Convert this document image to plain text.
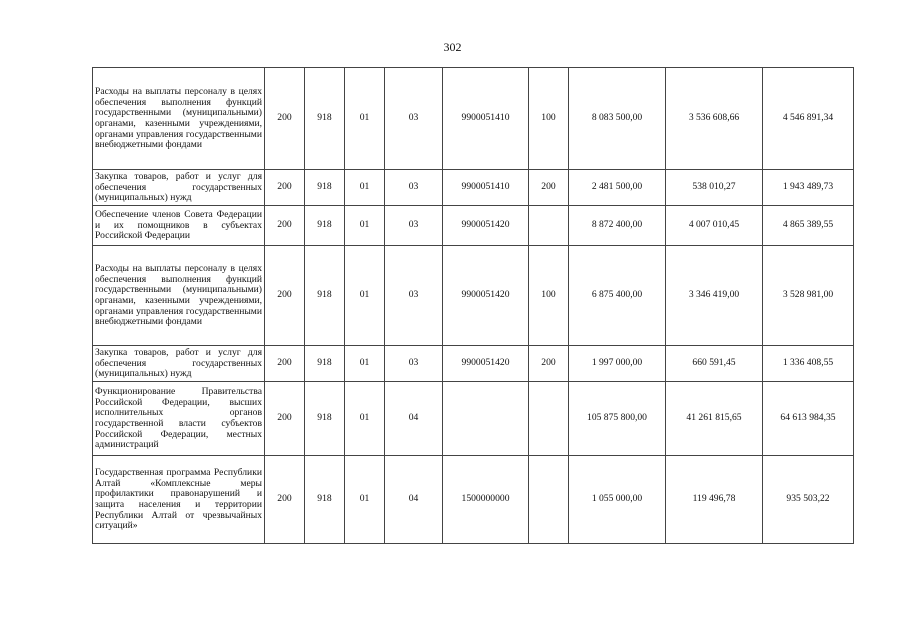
302
Расходы на выплаты персоналу в целях обеспечения выполнения функций государственными (муниципальными) органами, казенными учреждениями, органами управления государственными внебюджетными фондами	200	918	01	03	9900051410	100	8 083 500,00	3 536 608,66	4 546 891,34
Закупка товаров, работ и услуг для обеспечения государственных (муниципальных) нужд	200	918	01	03	9900051410	200	2 481 500,00	538 010,27	1 943 489,73
Обеспечение членов Совета Федерации и их помощников в субъектах Российской Федерации	200	918	01	03	9900051420		8 872 400,00	4 007 010,45	4 865 389,55
Расходы на выплаты персоналу в целях обеспечения выполнения функций государственными (муниципальными) органами, казенными учреждениями, органами управления государственными внебюджетными фондами	200	918	01	03	9900051420	100	6 875 400,00	3 346 419,00	3 528 981,00
Закупка товаров, работ и услуг для обеспечения государственных (муниципальных) нужд	200	918	01	03	9900051420	200	1 997 000,00	660 591,45	1 336 408,55
Функционирование Правительства Российской Федерации, высших исполнительных органов государственной власти субъектов Российской Федерации, местных администраций	200	918	01	04			105 875 800,00	41 261 815,65	64 613 984,35
Государственная программа Республики Алтай «Комплексные меры профилактики правонарушений и защита населения и территории Республики Алтай от чрезвычайных ситуаций»	200	918	01	04	1500000000		1 055 000,00	119 496,78	935 503,22
